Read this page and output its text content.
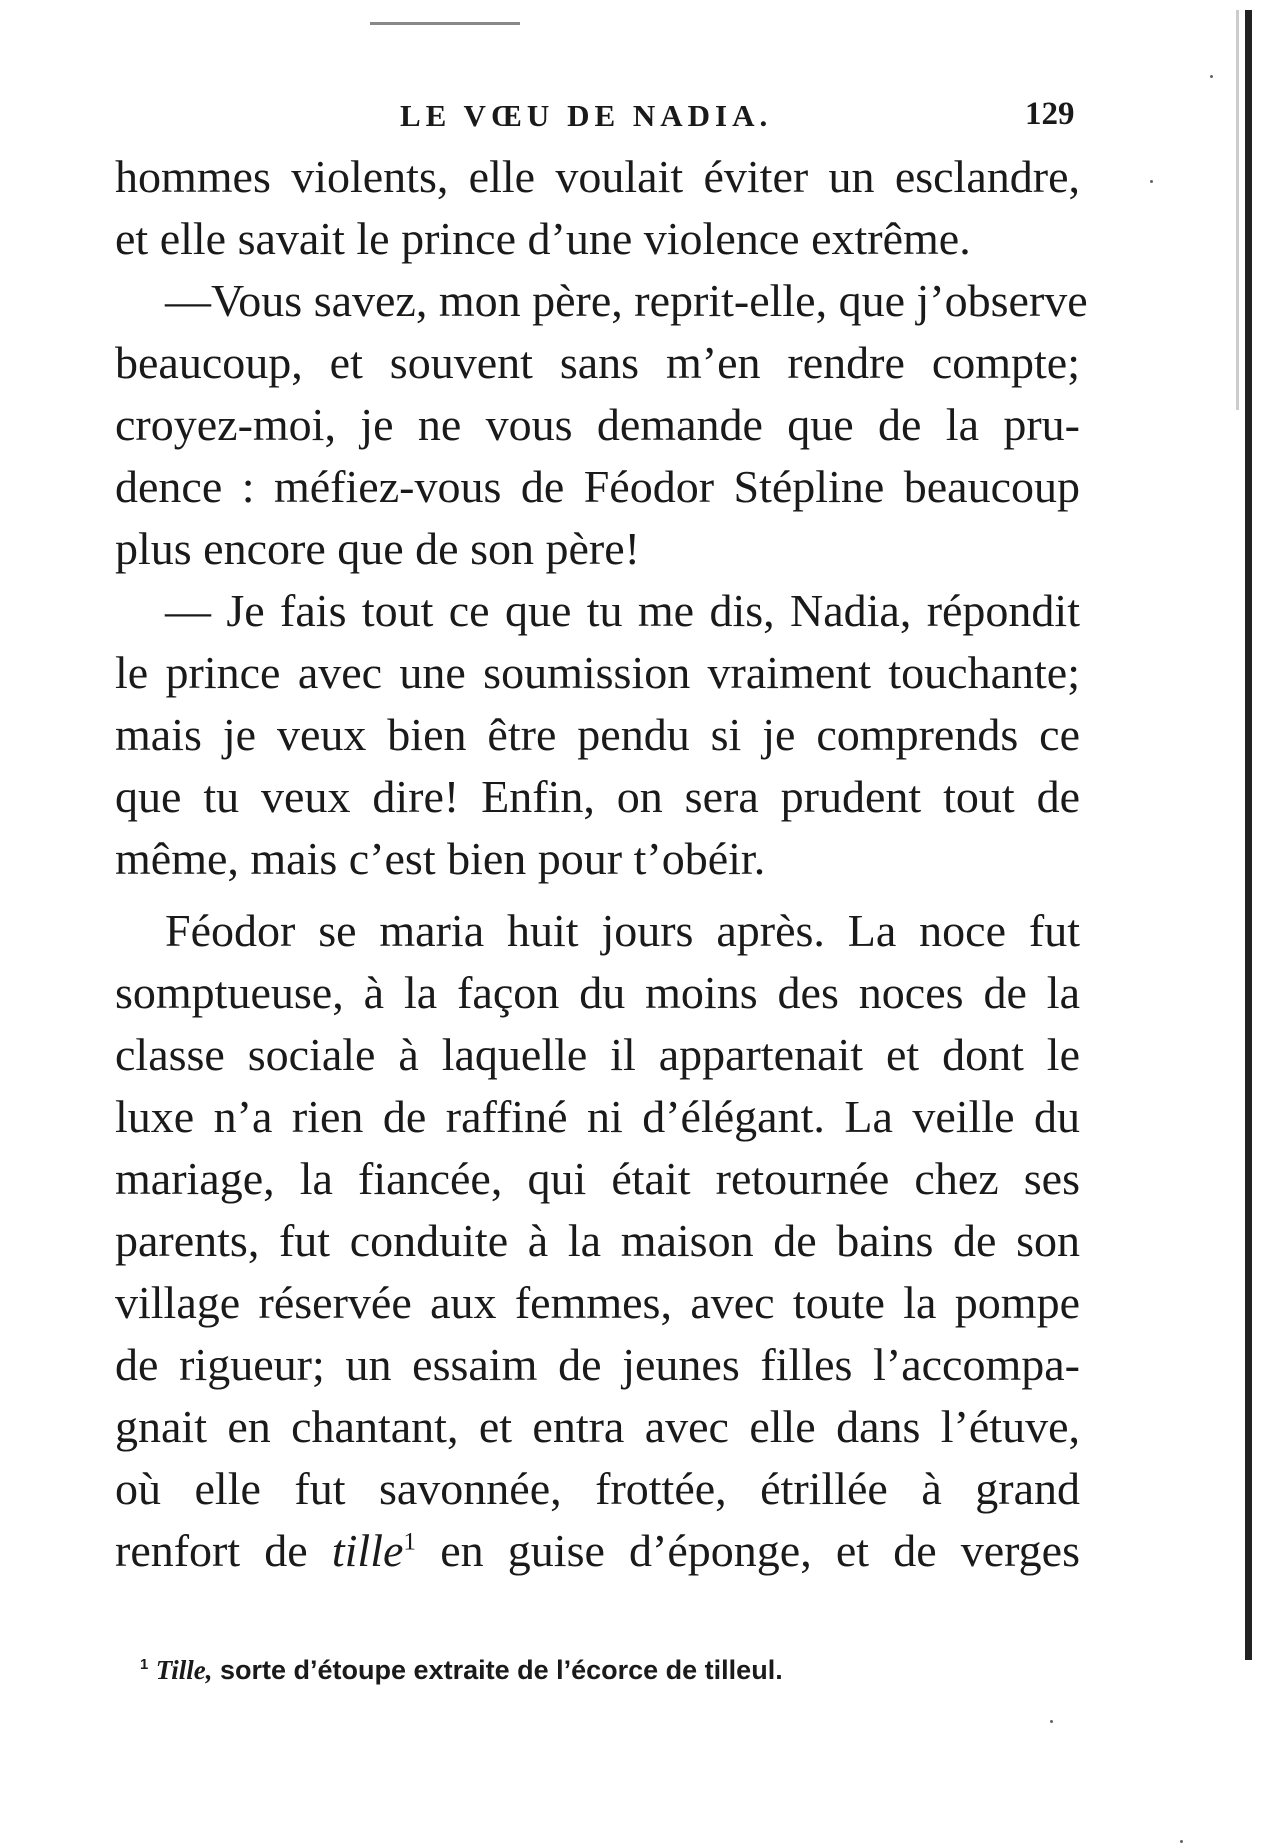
LE VŒU DE NADIA.	129
hommes violents, elle voulait éviter un esclandre,
et elle savait le prince d’une violence extrême.
—Vous savez, mon père, reprit-elle, que j’observe
beaucoup, et souvent sans m’en rendre compte;
croyez-moi, je ne vous demande que de la pru-
dence : méfiez-vous de Féodor Stépline beaucoup
plus encore que de son père!
— Je fais tout ce que tu me dis, Nadia, répondit
le prince avec une soumission vraiment touchante;
mais je veux bien être pendu si je comprends ce
que tu veux dire! Enfin, on sera prudent tout de
même, mais c’est bien pour t’obéir.
Féodor se maria huit jours après. La noce fut
somptueuse, à la façon du moins des noces de la
classe sociale à laquelle il appartenait et dont le
luxe n’a rien de raffiné ni d’élégant. La veille du
mariage, la fiancée, qui était retournée chez ses
parents, fut conduite à la maison de bains de son
village réservée aux femmes, avec toute la pompe
de rigueur; un essaim de jeunes filles l’accompa-
gnait en chantant, et entra avec elle dans l’étuve,
où elle fut savonnée, frottée, étrillée à grand
renfort de tille$^1$ en guise d’éponge, et de verges
$^1$ Tille, sorte d’étoupe extraite de l’écorce de tilleul.
